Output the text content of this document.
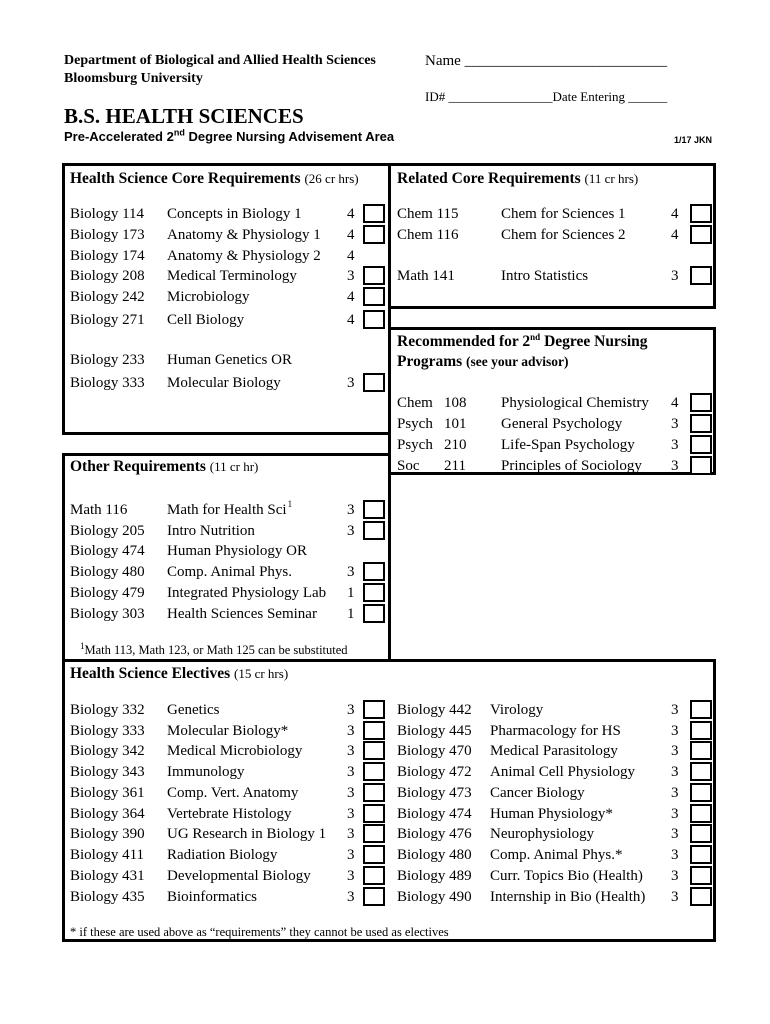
Department of Biological and Allied Health Sciences
Bloomsburg University
Name ___________________________
ID# ________________Date Entering ______
B.S. HEALTH SCIENCES
Pre-Accelerated 2nd Degree Nursing Advisement Area	1/17 JKN
Health Science Core Requirements (26 cr hrs)
Biology 114 Concepts in Biology 1	4
Biology 173 Anatomy & Physiology 1 4
Biology 174 Anatomy & Physiology 2 4
Biology 208 Medical Terminology	3
Biology 242 Microbiology	4
Biology 271 Cell Biology	4
Biology 233 Human Genetics OR
Biology 333 Molecular Biology	3
Related Core Requirements (11 cr hrs)
Chem 115	Chem for Sciences 1	4
Chem 116	Chem for Sciences 2	4
Math 141	Intro Statistics	3
Recommended for 2nd Degree Nursing
Programs (see your advisor)
Chem 108 Physiological Chemistry 4
Psych 101 General Psychology	3
Psych 210 Life-Span Psychology 3
Soc 211 Principles of Sociology 3
Other Requirements (11 cr hr)
Math 116	Math for Health Sci 1	3
Biology 205 Intro Nutrition	3
Biology 474 Human Physiology OR
Biology 480 Comp. Animal Phys.	3
Biology 479 Integrated Physiology Lab 1
Biology 303 Health Sciences Seminar 1
$^1$Math 113, Math 123, or Math 125 can be substituted
Health Science Electives (15 cr hrs)
Biology 332 Genetics	3
Biology 333 Molecular Biology*	3
Biology 342 Medical Microbiology	3
Biology 343 Immunology	3
Biology 361 Comp. Vert. Anatomy	3
Biology 364 Vertebrate Histology	3
Biology 390 UG Research in Biology 1 3
Biology 411 Radiation Biology	3
Biology 431 Developmental Biology 3
Biology 435 Bioinformatics	3
Biology 442 Virology	3
Biology 445 Pharmacology for HS	3
Biology 470 Medical Parasitology	3
Biology 472 Animal Cell Physiology 3
Biology 473 Cancer Biology	3
Biology 474 Human Physiology*	3
Biology 476 Neurophysiology	3
Biology 480 Comp. Animal Phys.*	3
Biology 489 Curr. Topics Bio (Health) 3
Biology 490 Internship in Bio (Health) 3
* if these are used above as “requirements” they cannot be used as electives
